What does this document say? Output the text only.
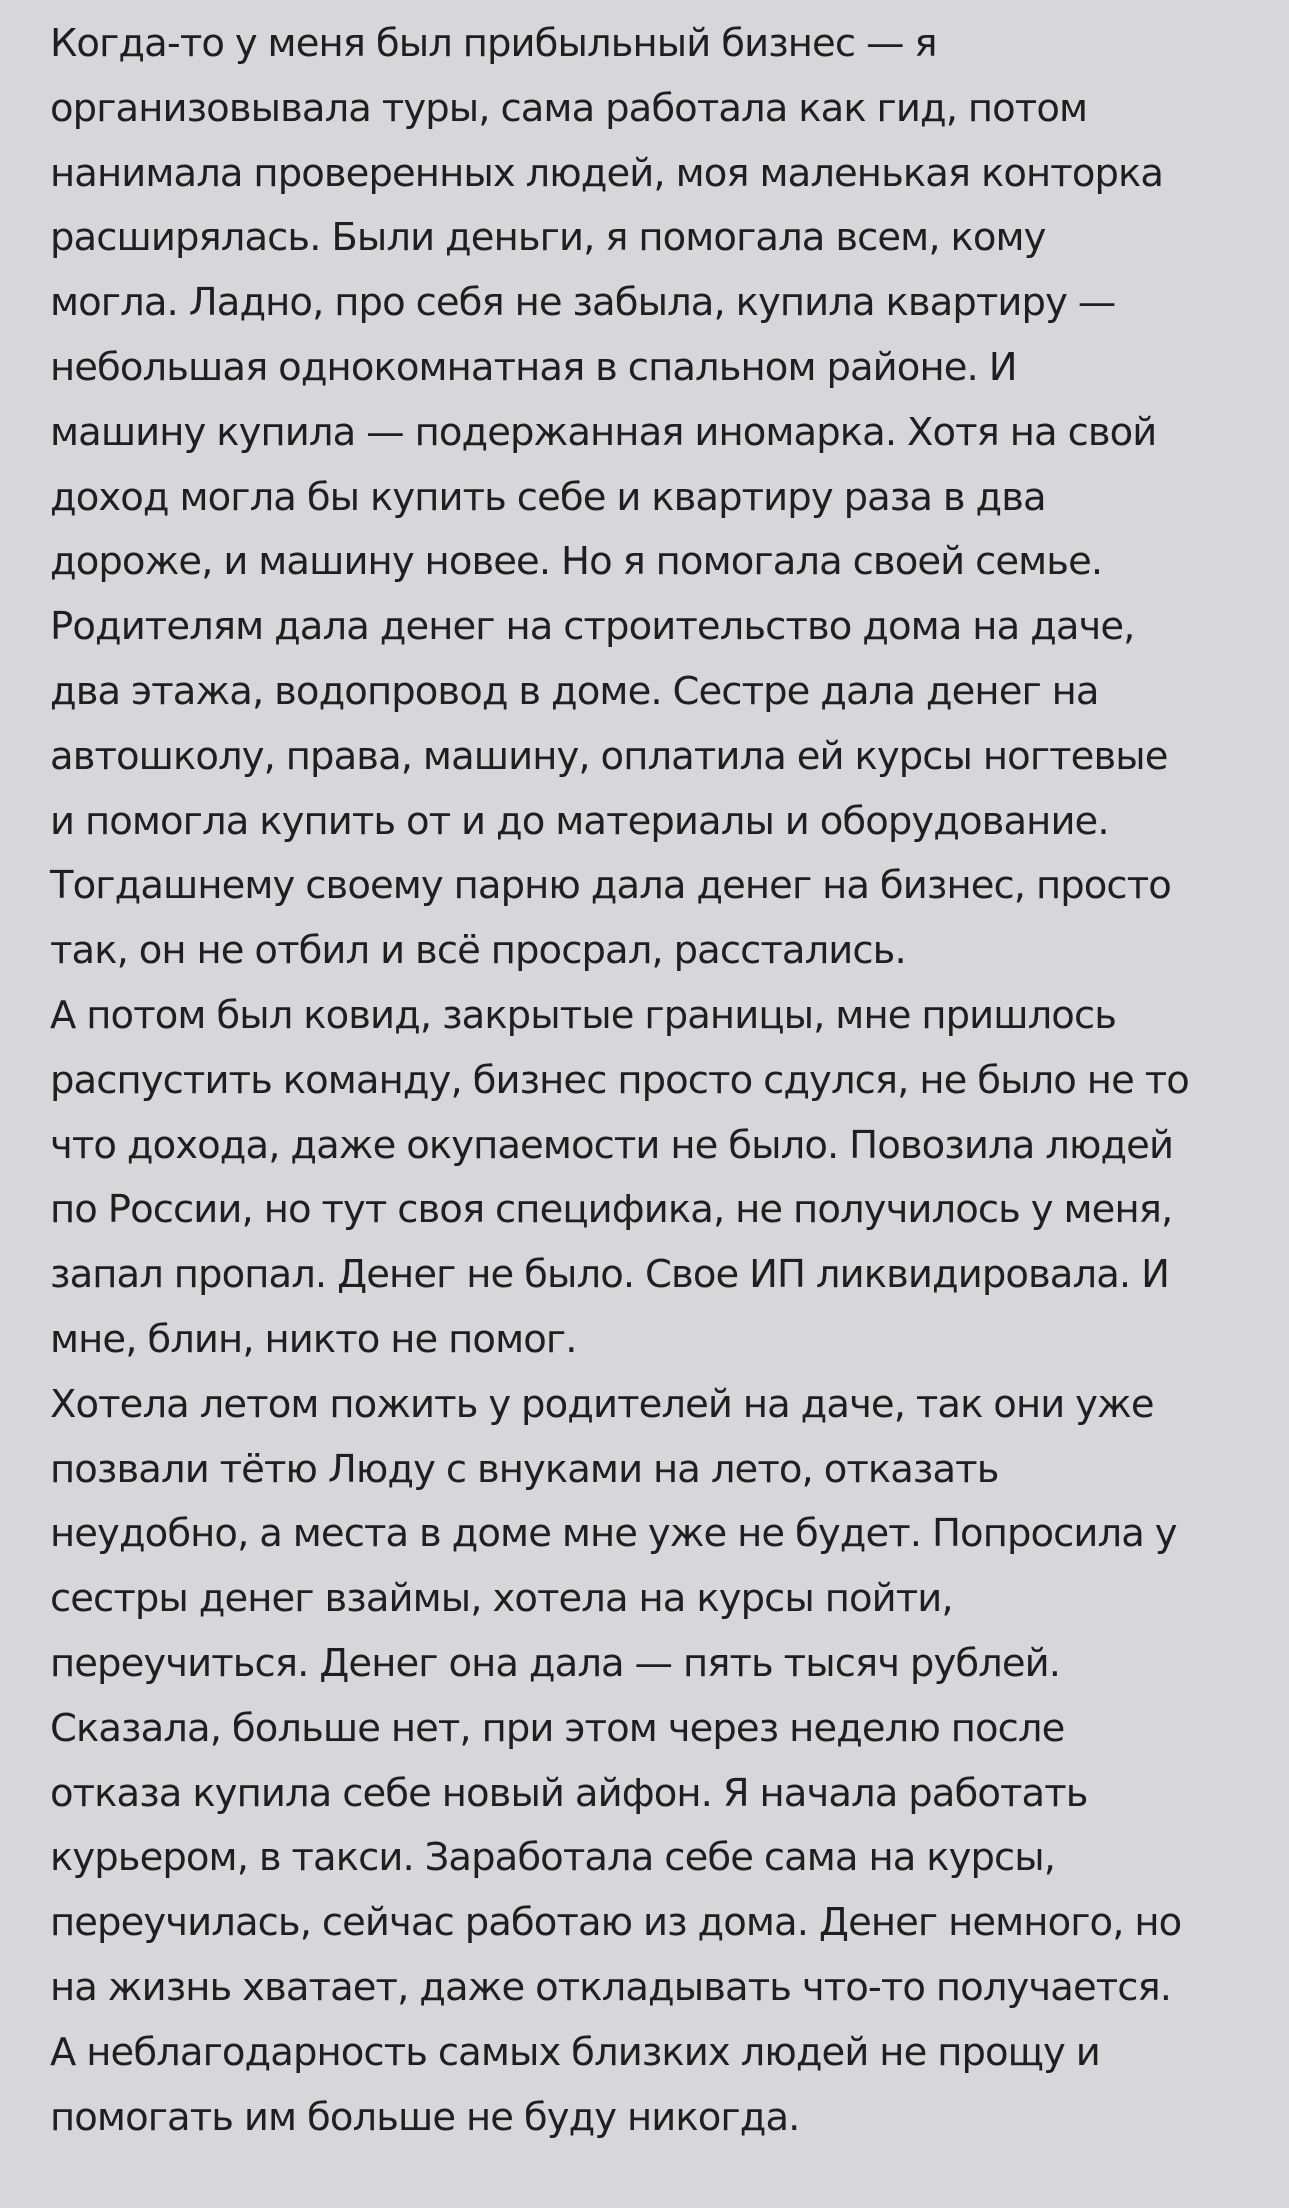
Когда-то у меня был прибыльный бизнес — я
организовывала туры, сама работала как гид, потом
нанимала проверенных людей, моя маленькая конторка
расширялась. Были деньги, я помогала всем, кому
могла. Ладно, про себя не забыла, купила квартиру —
небольшая однокомнатная в спальном районе. И
машину купила — подержанная иномарка. Хотя на свой
доход могла бы купить себе и квартиру раза в два
дороже, и машину новее. Но я помогала своей семье.
Родителям дала денег на строительство дома на даче,
два этажа, водопровод в доме. Сестре дала денег на
автошколу, права, машину, оплатила ей курсы ногтевые
и помогла купить от и до материалы и оборудование.
Тогдашнему своему парню дала денег на бизнес, просто
так, он не отбил и всё просрал, расстались.
А потом был ковид, закрытые границы, мне пришлось
распустить команду, бизнес просто сдулся, не было не то
что дохода, даже окупаемости не было. Повозила людей
по России, но тут своя специфика, не получилось у меня,
запал пропал. Денег не было. Свое ИП ликвидировала. И
мне, блин, никто не помог.
Хотела летом пожить у родителей на даче, так они уже
позвали тётю Люду с внуками на лето, отказать
неудобно, а места в доме мне уже не будет. Попросила у
сестры денег взаймы, хотела на курсы пойти,
переучиться. Денег она дала — пять тысяч рублей.
Сказала, больше нет, при этом через неделю после
отказа купила себе новый айфон. Я начала работать
курьером, в такси. Заработала себе сама на курсы,
переучилась, сейчас работаю из дома. Денег немного, но
на жизнь хватает, даже откладывать что-то получается.
А неблагодарность самых близких людей не прощу и
помогать им больше не буду никогда.
